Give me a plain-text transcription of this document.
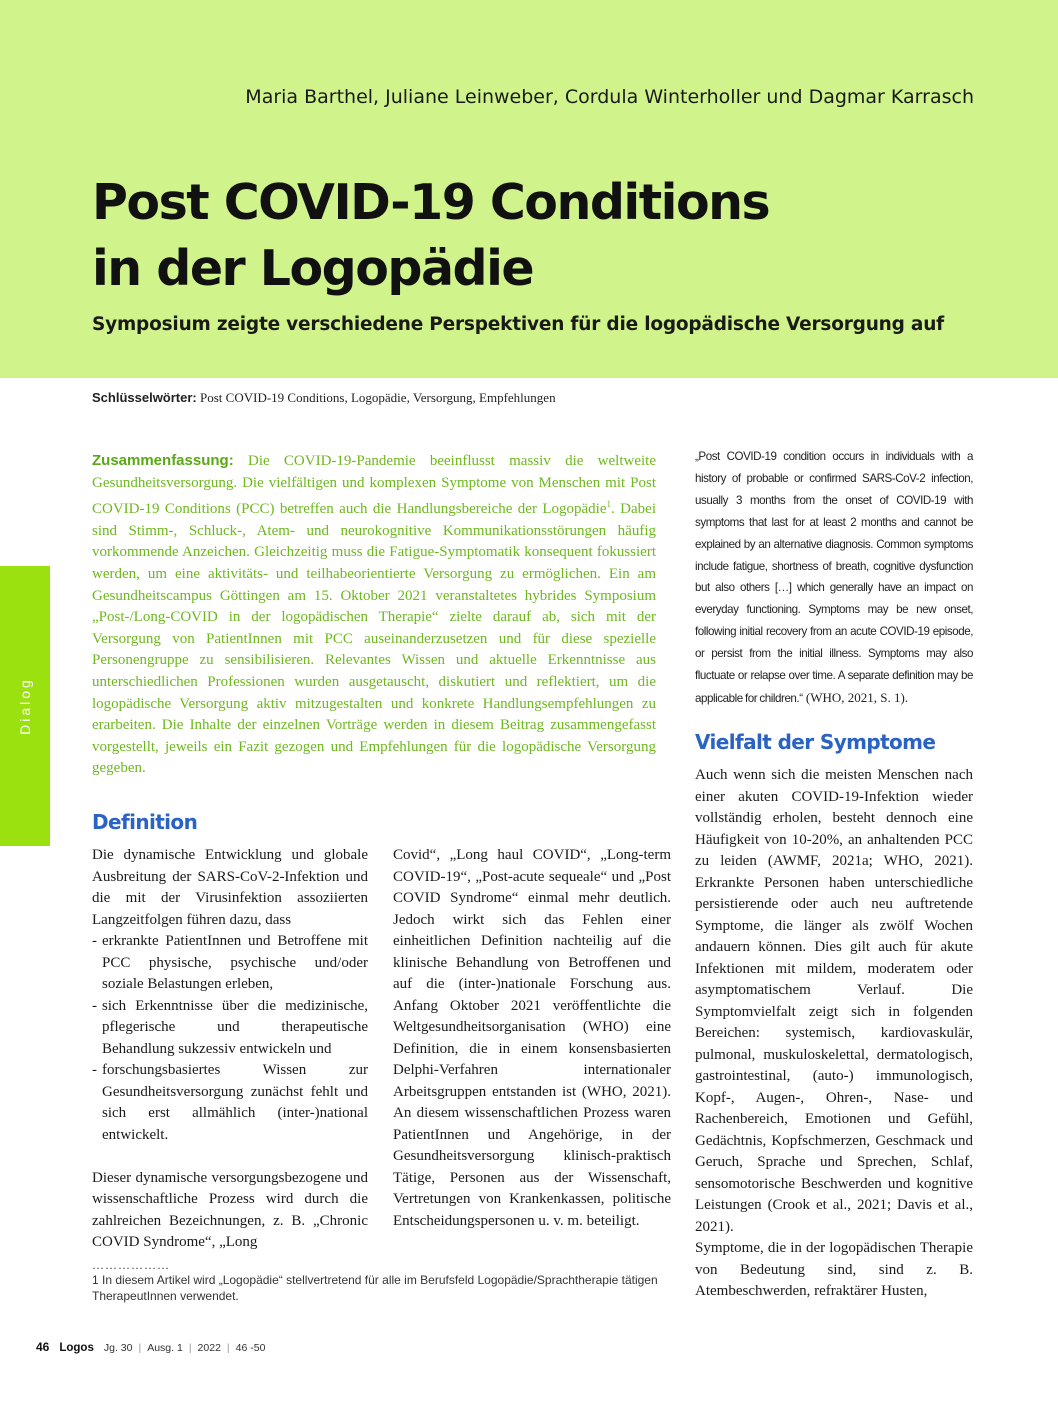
Maria Barthel, Juliane Leinweber, Cordula Winterholler und Dagmar Karrasch
Post COVID-19 Conditions
in der Logopädie
Symposium zeigte verschiedene Perspektiven für die logopädische Versorgung auf
Schlüsselwörter: Post COVID-19 Conditions, Logopädie, Versorgung, Empfehlungen
Dialog
Zusammenfassung: Die COVID-19-Pandemie beeinflusst massiv die weltweite Gesundheitsversorgung. Die vielfältigen und komplexen Symptome von Menschen mit Post COVID-19 Conditions (PCC) betreffen auch die Handlungsbereiche der Logopädie$^1$. Dabei sind Stimm-, Schluck-, Atem- und neurokognitive Kommunikationsstörungen häufig vorkommende Anzeichen. Gleichzeitig muss die Fatigue-Symptomatik konsequent fokussiert werden, um eine aktivitäts- und teilhabeorientierte Versorgung zu ermöglichen. Ein am Gesundheitscampus Göttingen am 15. Oktober 2021 veranstaltetes hybrides Symposium „Post-/Long-COVID in der logopädischen Therapie“ zielte darauf ab, sich mit der Versorgung von PatientInnen mit PCC auseinanderzusetzen und für diese spezielle Personengruppe zu sensibilisieren. Relevantes Wissen und aktuelle Erkenntnisse aus unterschiedlichen Professionen wurden ausgetauscht, diskutiert und reflektiert, um die logopädische Versorgung aktiv mitzugestalten und konkrete Handlungsempfehlungen zu erarbeiten. Die Inhalte der einzelnen Vorträge werden in diesem Beitrag zusammengefasst vorgestellt, jeweils ein Fazit gezogen und Empfehlungen für die logopädische Versorgung gegeben.
„Post COVID-19 condition occurs in individuals with a history of probable or confirmed SARS-CoV-2 infection, usually 3 months from the onset of COVID-19 with symptoms that last for at least 2 months and cannot be explained by an alternative diagnosis. Common symptoms include fatigue, shortness of breath, cognitive dysfunction but also others […] which generally have an impact on everyday functioning. Symptoms may be new onset, following initial recovery from an acute COVID-19 episode, or persist from the initial illness. Symptoms may also fluctuate or relapse over time. A separate definition may be applicable for children.“ (WHO, 2021, S. 1).
Definition

Die dynamische Entwicklung und globale Ausbreitung der SARS-CoV-2-Infektion und die mit der Virusinfektion assoziierten Langzeitfolgen führen dazu, dass

- erkrankte PatientInnen und Betroffene mit PCC physische, psychische und/oder soziale Belastungen erleben,
- sich Erkenntnisse über die medizinische, pflegerische und therapeutische Behandlung sukzessiv entwickeln und
- forschungsbasiertes Wissen zur Gesundheitsversorgung zunächst fehlt und sich erst allmählich (inter-)national entwickelt.

Dieser dynamische versorgungsbezogene und wissenschaftliche Prozess wird durch die zahlreichen Bezeichnungen, z. B. „Chronic COVID Syndrome“, „Long

Covid“, „Long haul COVID“, „Long-term COVID-19“, „Post-acute sequeale“ und „Post COVID Syndrome“ einmal mehr deutlich. Jedoch wirkt sich das Fehlen einer einheitlichen Definition nachteilig auf die klinische Behandlung von Betroffenen und auf die (inter-)nationale Forschung aus. Anfang Oktober 2021 veröffentlichte die Weltgesundheitsorganisation (WHO) eine Definition, die in einem konsensbasierten Delphi-Verfahren internationaler Arbeitsgruppen entstanden ist (WHO, 2021). An diesem wissenschaftlichen Prozess waren PatientInnen und Angehörige, in der Gesundheitsversorgung klinisch-praktisch Tätige, Personen aus der Wissenschaft, Vertretungen von Krankenkassen, politische Entscheidungspersonen u. v. m. beteiligt.

Vielfalt der Symptome

Auch wenn sich die meisten Menschen nach einer akuten COVID-19-Infektion wieder vollständig erholen, besteht dennoch eine Häufigkeit von 10-20%, an anhaltenden PCC zu leiden (AWMF, 2021a; WHO, 2021). Erkrankte Personen haben unterschiedliche persistierende oder auch neu auftretende Symptome, die länger als zwölf Wochen andauern können. Dies gilt auch für akute Infektionen mit mildem, moderatem oder asymptomatischem Verlauf. Die Symptomvielfalt zeigt sich in folgenden Bereichen: systemisch, kardiovaskulär, pulmonal, muskuloskelettal, dermatologisch, gastrointestinal, (auto-) immunologisch, Kopf-, Augen-, Ohren-, Nase- und Rachenbereich, Emotionen und Gefühl, Gedächtnis, Kopfschmerzen, Geschmack und Geruch, Sprache und Sprechen, Schlaf, sensomotorische Beschwerden und kognitive Leistungen (Crook et al., 2021; Davis et al., 2021).

Symptome, die in der logopädischen Therapie von Bedeutung sind, sind z. B. Atembeschwerden, refraktärer Husten,

………………
1 In diesem Artikel wird „Logopädie“ stellvertretend für alle im Berufsfeld Logopädie/Sprachtherapie tätigen TherapeutInnen verwendet.
46 Logos Jg. 30 | Ausg. 1 | 2022 | 46 -50
